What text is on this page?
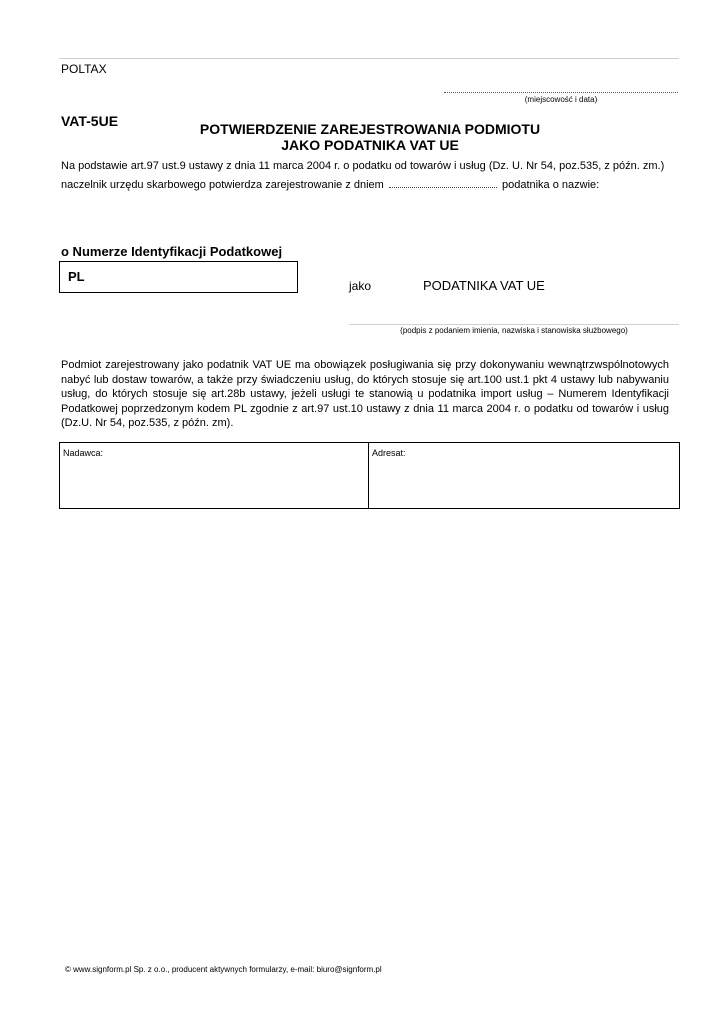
POLTAX
(miejscowość i data)
VAT-5UE	POTWIERDZENIE ZAREJESTROWANIA PODMIOTU
JAKO PODATNIKA VAT UE
Na podstawie art.97 ust.9 ustawy z dnia 11 marca 2004 r. o podatku od towarów i usług (Dz. U. Nr 54, poz.535, z późn. zm.)
naczelnik urzędu skarbowego potwierdza zarejestrowanie z dniem	podatnika o nazwie:
o Numerze Identyfikacji Podatkowej
PL
jako	PODATNIKA VAT UE
(podpis z podaniem imienia, nazwiska i stanowiska służbowego)
Podmiot zarejestrowany jako podatnik VAT UE ma obowiązek posługiwania się przy dokonywaniu wewnątrzwspólnotowych nabyć lub dostaw towarów, a także przy świadczeniu usług, do których stosuje się art.100 ust.1 pkt 4 ustawy lub nabywaniu usług, do których stosuje się art.28b ustawy, jeżeli usługi te stanowią u podatnika import usług – Numerem Identyfikacji Podatkowej poprzedzonym kodem PL zgodnie z art.97 ust.10 ustawy z dnia 11 marca 2004 r. o podatku od towarów i usług (Dz.U. Nr 54, poz.535, z późn. zm).
Nadawca:	Adresat:
© www.signform.pl Sp. z o.o., producent aktywnych formularzy, e-mail: biuro@signform.pl
